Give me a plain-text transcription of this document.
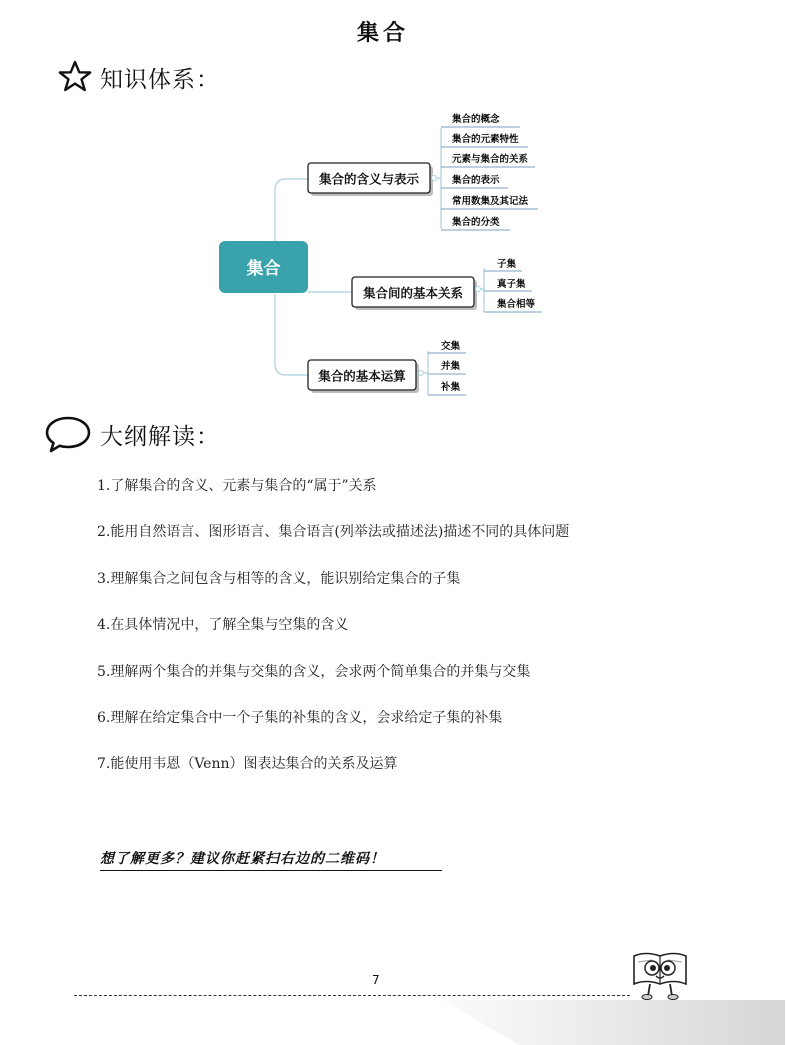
集合
知识体系：
集合
集合的含义与表示
集合的概念
集合的元素特性
元素与集合的关系
集合的表示
常用数集及其记法
集合的分类
集合间的基本关系
子集
真子集
集合相等
集合的基本运算
交集
并集
补集
大纲解读：
1.了解集合的含义、元素与集合的“属于”关系
2.能用自然语言、图形语言、集合语言(列举法或描述法)描述不同的具体问题
3.理解集合之间包含与相等的含义，能识别给定集合的子集
4.在具体情况中，了解全集与空集的含义
5.理解两个集合的并集与交集的含义，会求两个简单集合的并集与交集
6.理解在给定集合中一个子集的补集的含义，会求给定子集的补集
7.能使用韦恩（Venn）图表达集合的关系及运算
想了解更多？建议你赶紧扫右边的二维码！
7
